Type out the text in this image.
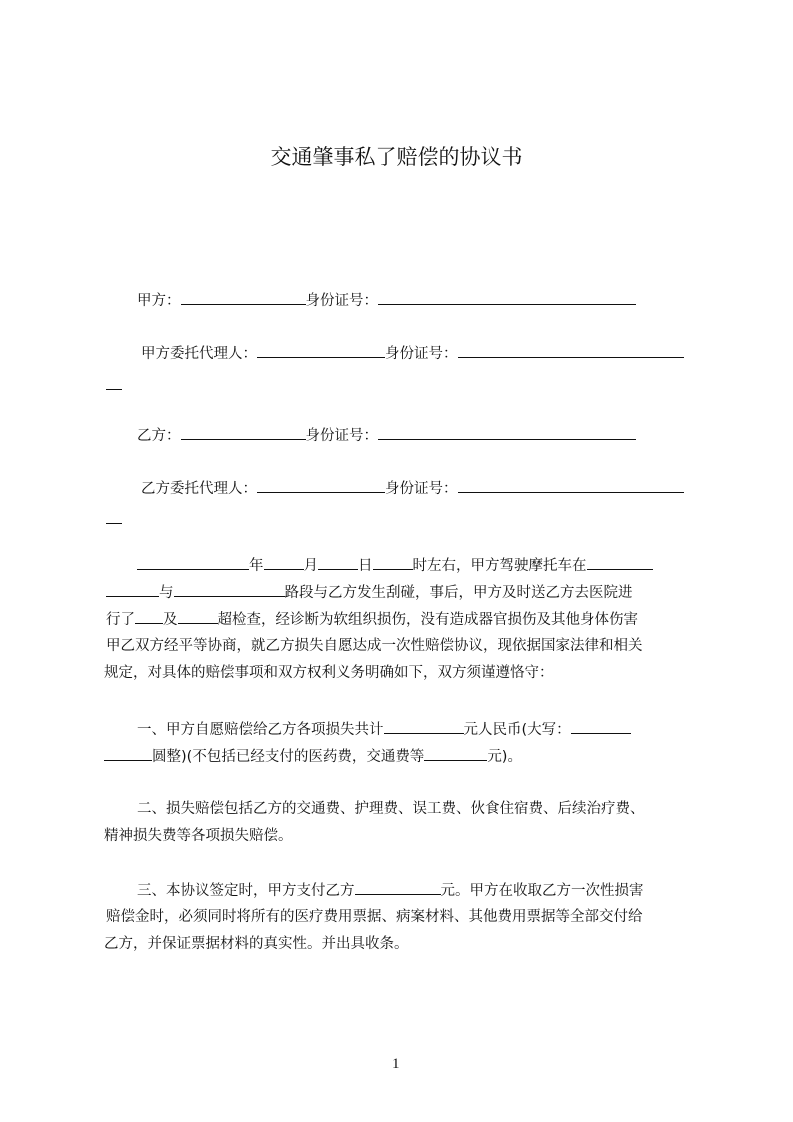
交通肇事私了赔偿的协议书
甲方：	身份证号：
甲方委托代理人：	身份证号：
乙方：	身份证号：
乙方委托代理人：	身份证号：
年	月	日	时左右，甲方驾驶摩托车在
与	路段与乙方发生刮碰，事后，甲方及时送乙方去医院进
行了 及	超检查，经诊断为软组织损伤，没有造成器官损伤及其他身体伤害
甲乙双方经平等协商，就乙方损失自愿达成一次性赔偿协议，现依据国家法律和相关
规定，对具体的赔偿事项和双方权利义务明确如下，双方须谨遵恪守：
一、甲方自愿赔偿给乙方各项损失共计	元人民币(大写：
圆整)(不包括已经支付的医药费，交通费等	元)。
二、损失赔偿包括乙方的交通费、护理费、误工费、伙食住宿费、后续治疗费、
精神损失费等各项损失赔偿。
三、本协议签定时，甲方支付乙方	元。甲方在收取乙方一次性损害
赔偿金时，必须同时将所有的医疗费用票据、病案材料、其他费用票据等全部交付给
乙方，并保证票据材料的真实性。并出具收条。
1
